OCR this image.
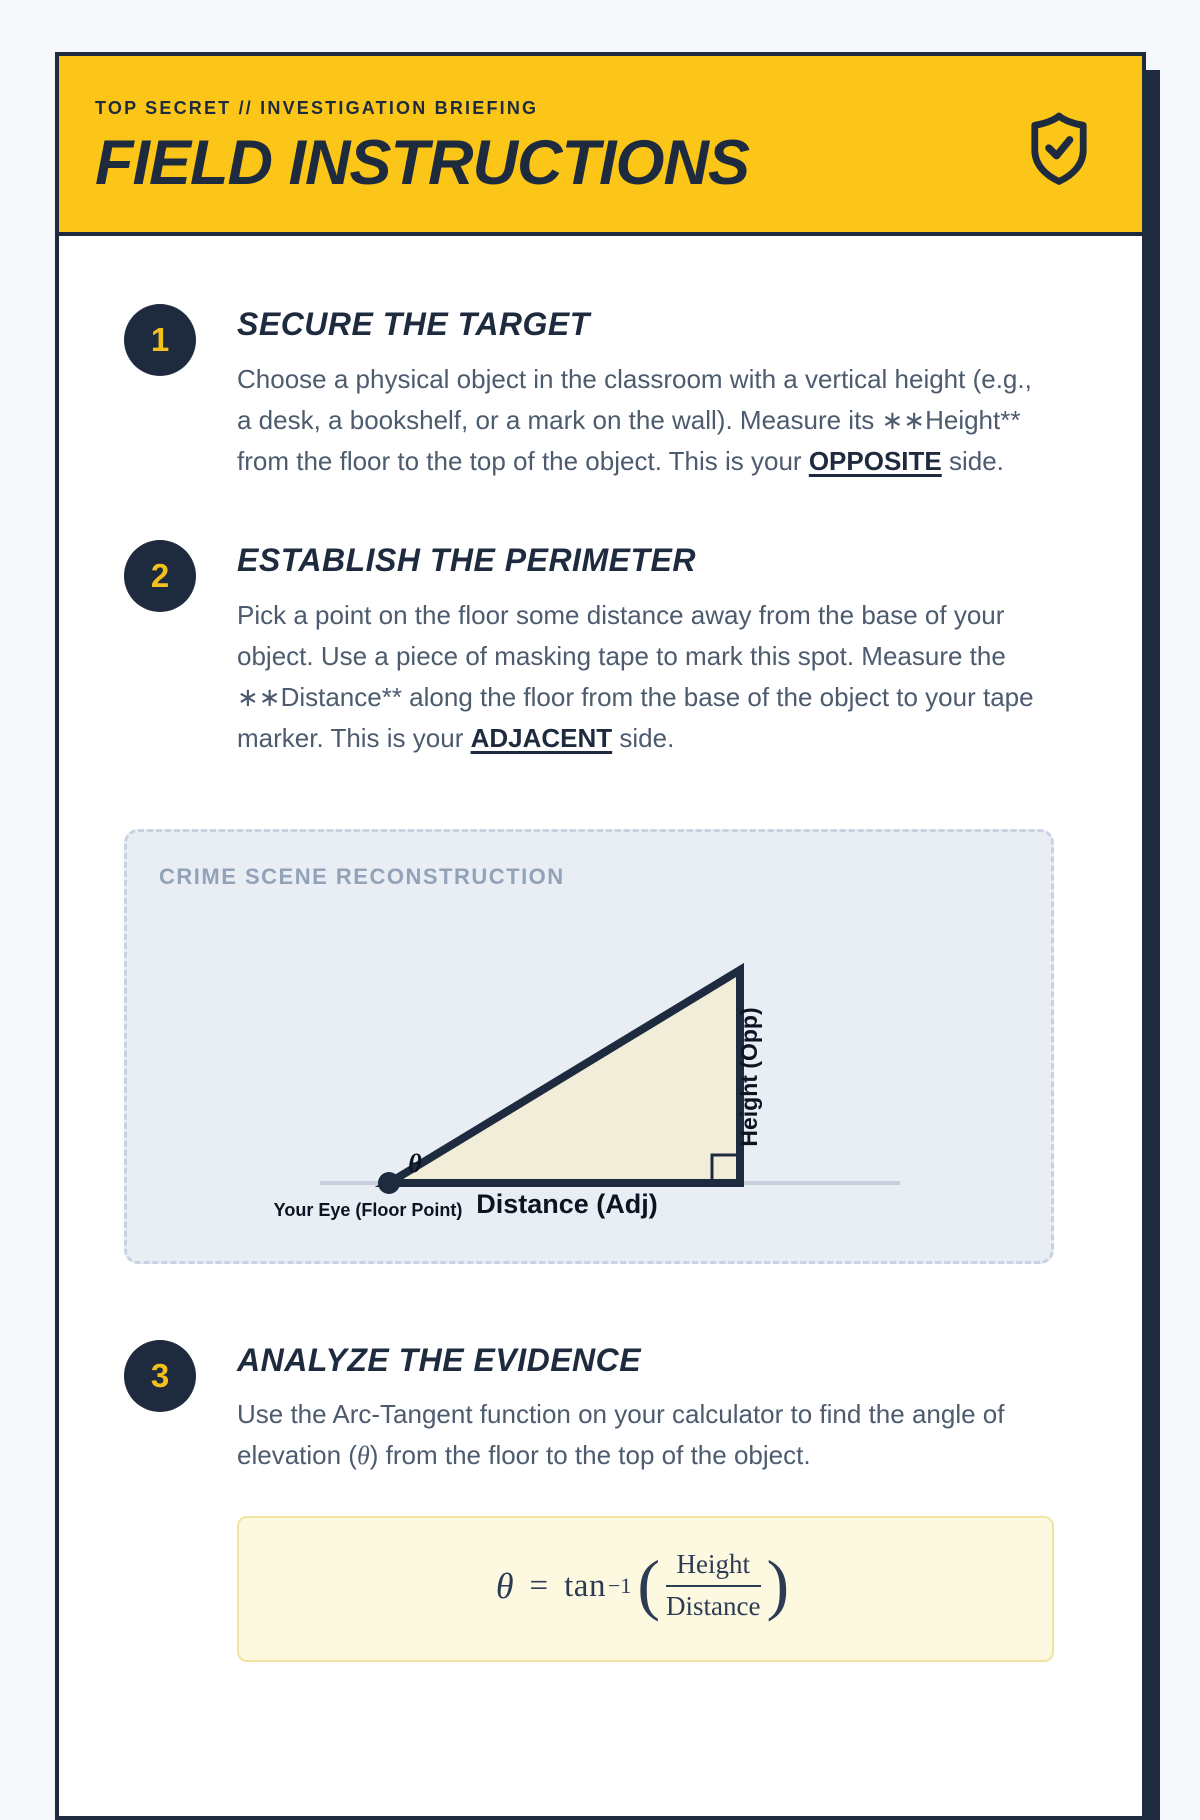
TOP SECRET // INVESTIGATION BRIEFING
FIELD INSTRUCTIONS
1	SECURE THE TARGET

Choose a physical object in the classroom with a vertical height (e.g., a desk, a bookshelf, or a mark on the wall). Measure its ∗∗Height** from the floor to the top of the object. This is your OPPOSITE side.

2	ESTABLISH THE PERIMETER

Pick a point on the floor some distance away from the base of your object. Use a piece of masking tape to mark this spot. Measure the ∗∗Distance** along the floor from the base of the object to your tape marker. This is your ADJACENT side.

CRIME SCENE RECONSTRUCTION
θ
Your Eye (Floor Point) Distance (Adj)
Height (Opp)
3	ANALYZE THE EVIDENCE

Use the Arc-Tangent function on your calculator to find the angle of elevation (θ) from the floor to the top of the object.

θ = tan −1 ( $\frac{\text{Height}}{\text{Distance}}$ )
